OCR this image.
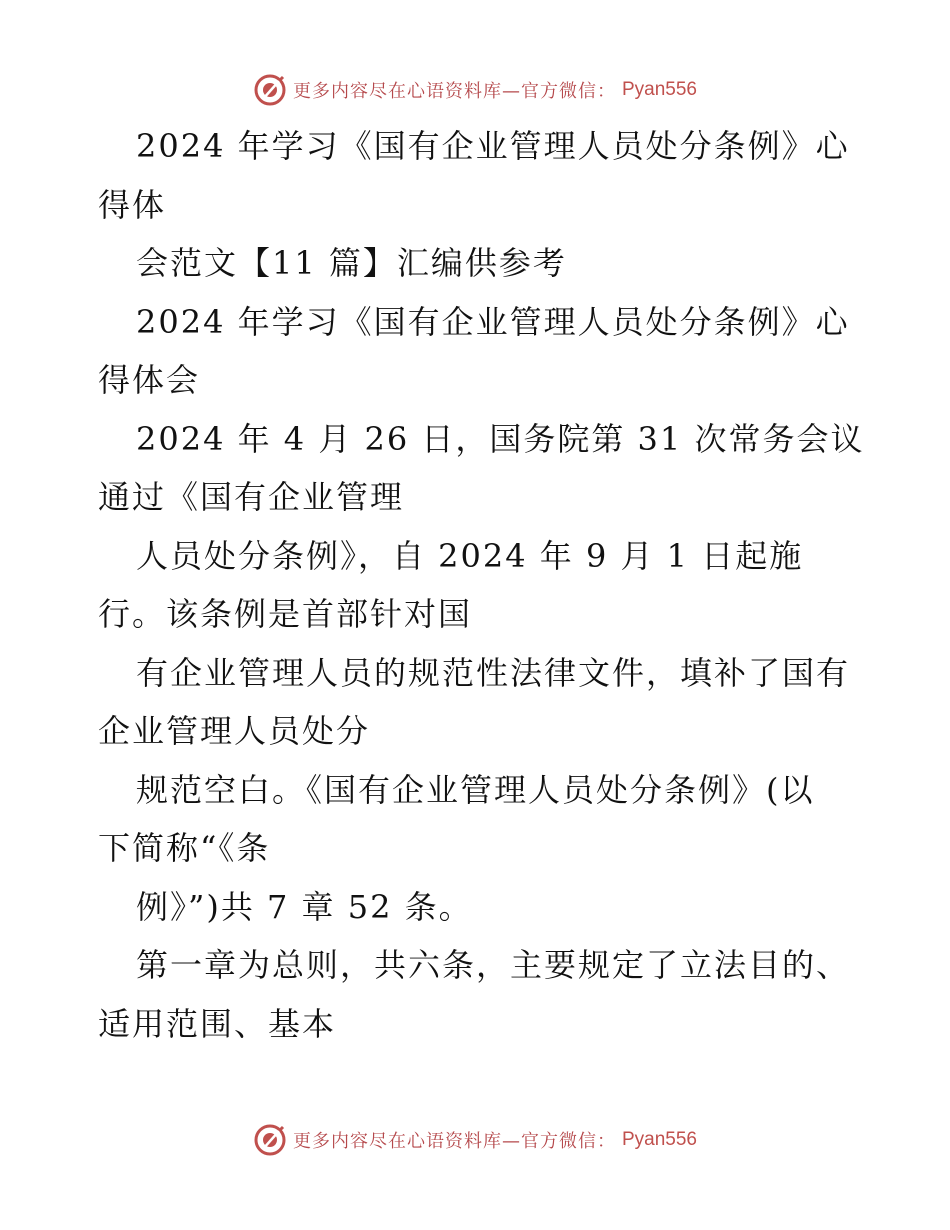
更多内容尽在心语资料库—官方微信： Pyan556
2024 年学习《国有企业管理人员处分条例》心
得体
会范文【11 篇】汇编供参考
2024 年学习《国有企业管理人员处分条例》心
得体会
2024 年 4 月 26 日，国务院第 31 次常务会议
通过《国有企业管理
人员处分条例》，自 2024 年 9 月 1 日起施
行。该条例是首部针对国
有企业管理人员的规范性法律文件，填补了国有
企业管理人员处分
规范空白。《国有企业管理人员处分条例》(以
下简称“《条
例》”)共 7 章 52 条。
第一章为总则，共六条，主要规定了立法目的、
适用范围、基本
更多内容尽在心语资料库—官方微信： Pyan556
